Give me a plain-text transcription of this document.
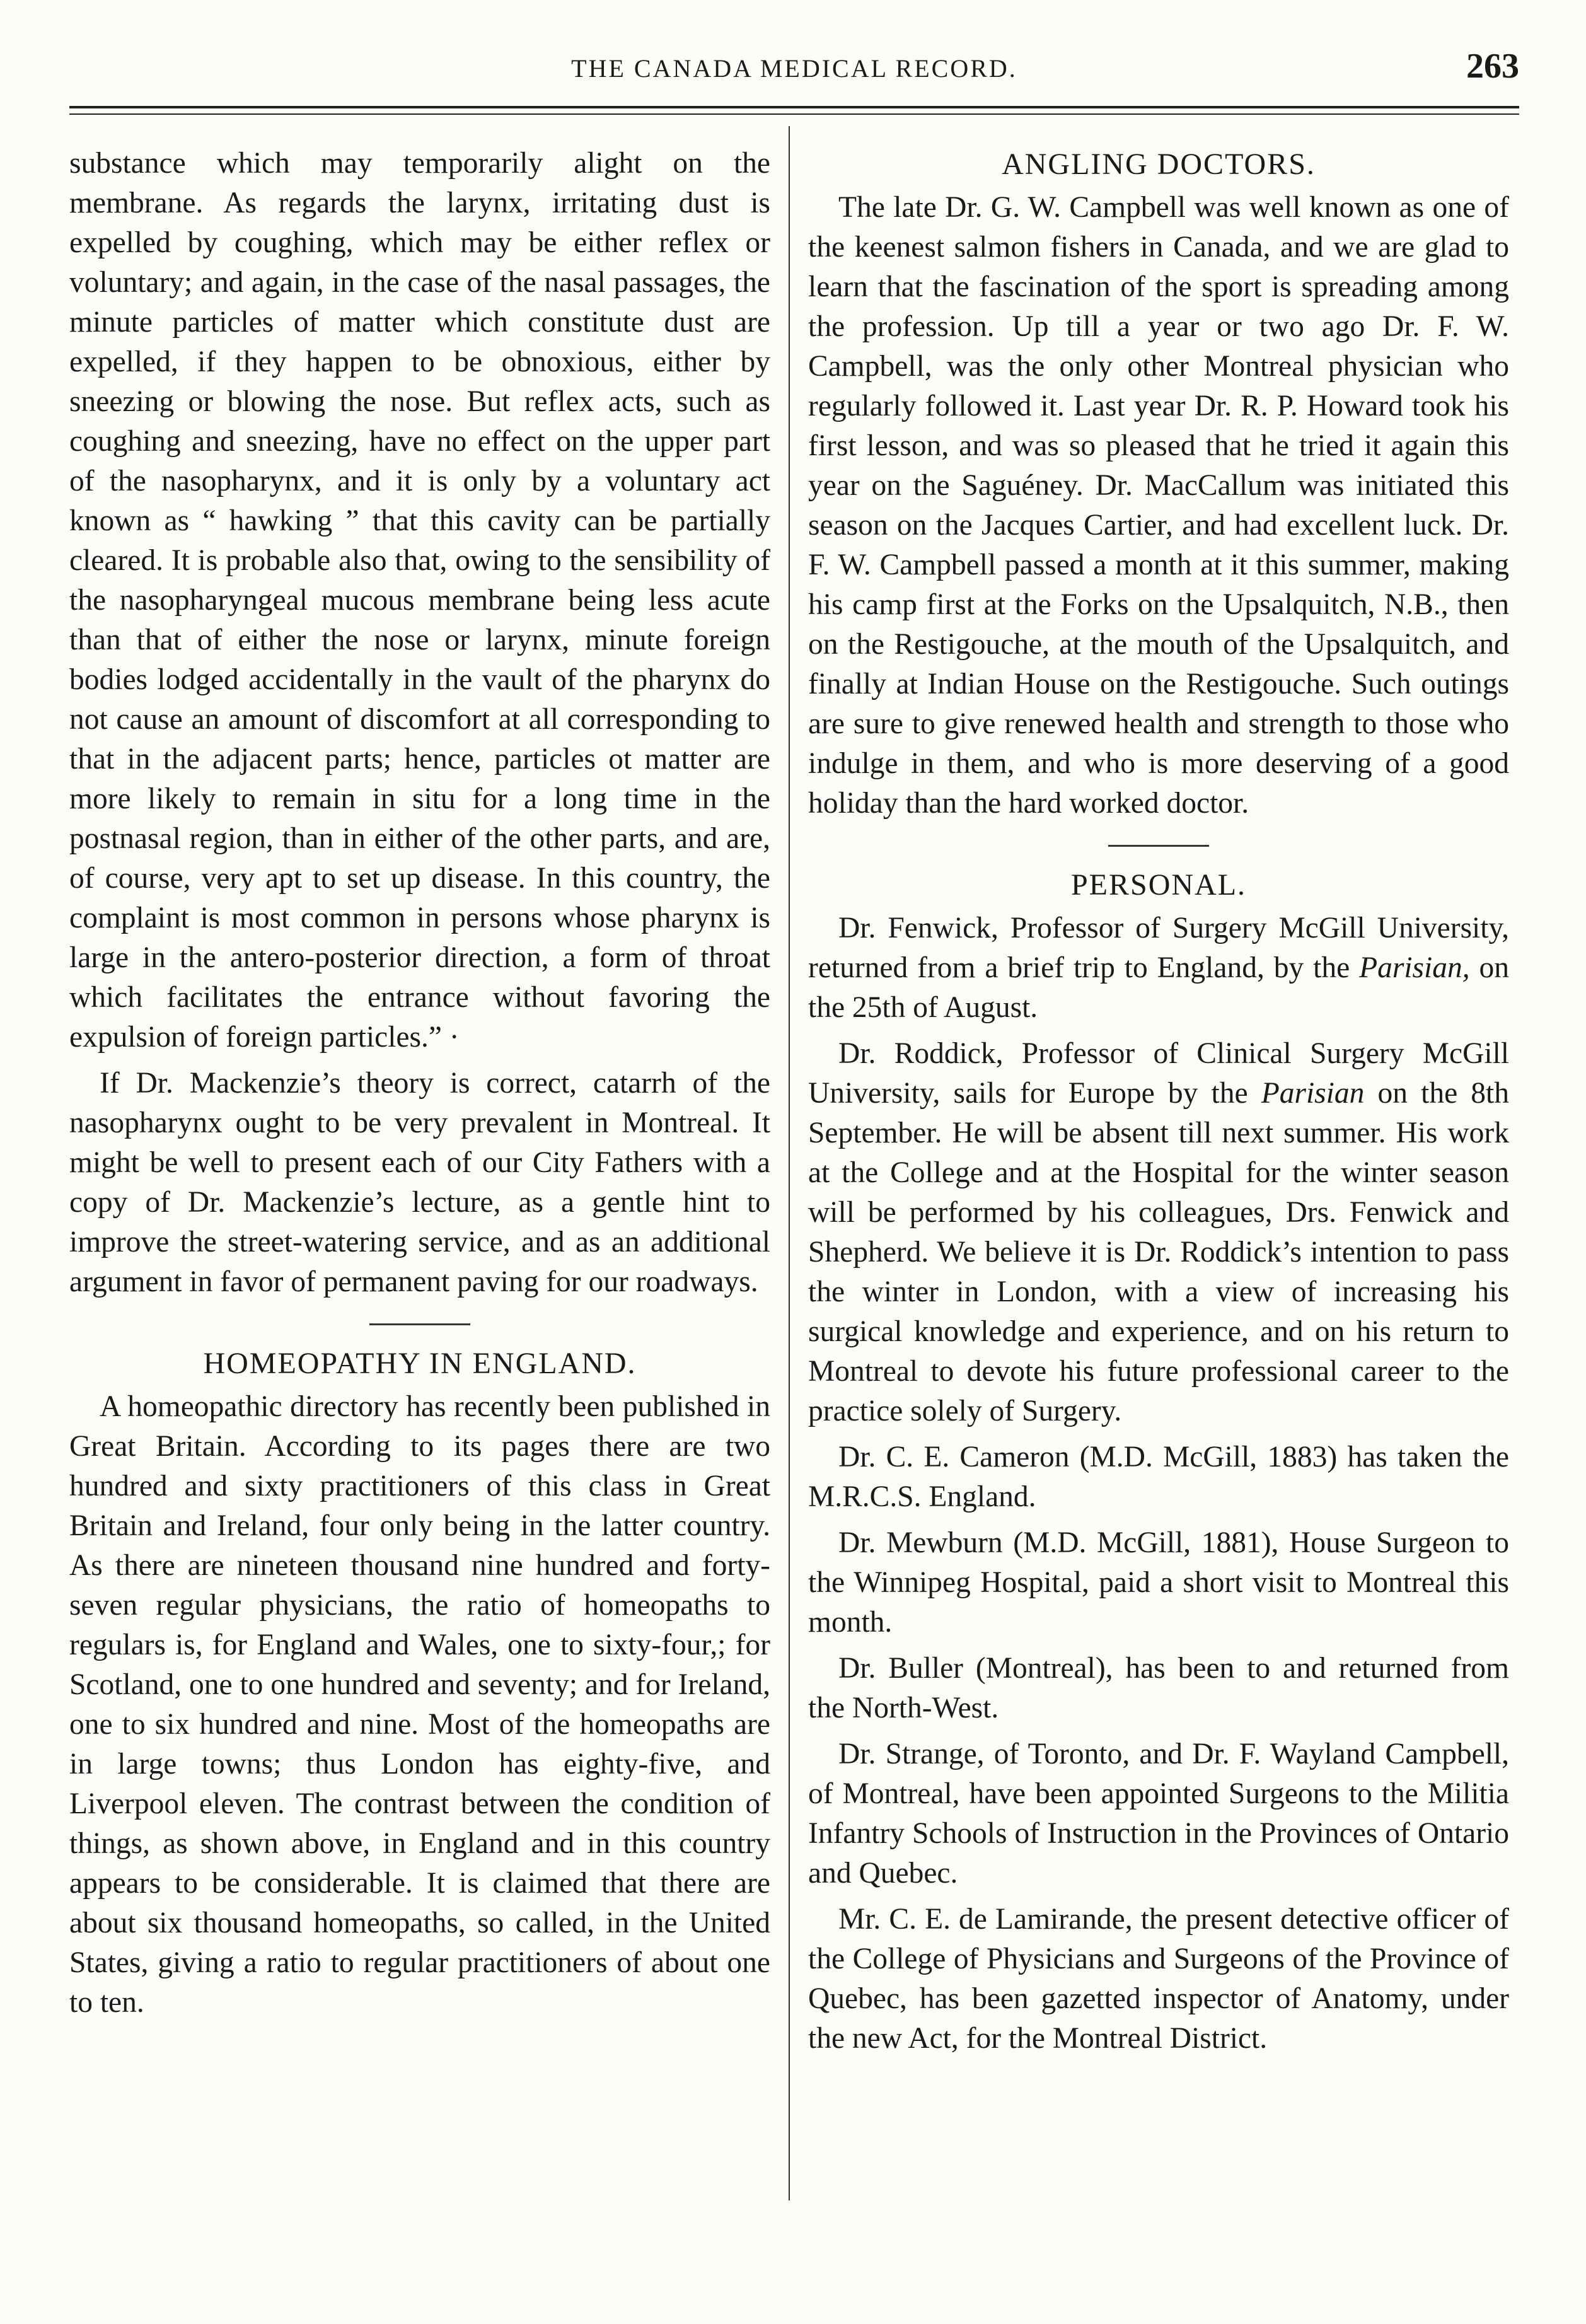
THE CANADA MEDICAL RECORD.	263

substance which may temporarily alight on the membrane. As regards the larynx, irritating dust is expelled by coughing, which may be either reflex or voluntary; and again, in the case of the nasal passages, the minute particles of matter which constitute dust are expelled, if they happen to be obnoxious, either by sneezing or blowing the nose. But reflex acts, such as coughing and sneezing, have no effect on the upper part of the nasopharynx, and it is only by a voluntary act known as “ hawking ” that this cavity can be partially cleared. It is probable also that, owing to the sensibility of the nasopharyngeal mucous membrane being less acute than that of either the nose or larynx, minute foreign bodies lodged accidentally in the vault of the pharynx do not cause an amount of discomfort at all corresponding to that in the adjacent parts; hence, particles ot matter are more likely to remain in situ for a long time in the postnasal region, than in either of the other parts, and are, of course, very apt to set up disease. In this country, the complaint is most common in persons whose pharynx is large in the antero-posterior direction, a form of throat which facilitates the entrance without favoring the expulsion of foreign particles.” ·

If Dr. Mackenzie’s theory is correct, catarrh of the nasopharynx ought to be very prevalent in Montreal. It might be well to present each of our City Fathers with a copy of Dr. Mackenzie’s lecture, as a gentle hint to improve the street-watering service, and as an additional argument in favor of permanent paving for our roadways.

HOMEOPATHY IN ENGLAND.

A homeopathic directory has recently been published in Great Britain. According to its pages there are two hundred and sixty practitioners of this class in Great Britain and Ireland, four only being in the latter country. As there are nineteen thousand nine hundred and forty-seven regular physicians, the ratio of homeopaths to regulars is, for England and Wales, one to sixty-four,; for Scotland, one to one hundred and seventy; and for Ireland, one to six hundred and nine. Most of the homeopaths are in large towns; thus London has eighty-five, and Liverpool eleven. The contrast between the condition of things, as shown above, in England and in this country appears to be considerable. It is claimed that there are about six thousand homeopaths, so called, in the United States, giving a ratio to regular practitioners of about one to ten.

ANGLING DOCTORS.

The late Dr. G. W. Campbell was well known as one of the keenest salmon fishers in Canada, and we are glad to learn that the fascination of the sport is spreading among the profession. Up till a year or two ago Dr. F. W. Campbell, was the only other Montreal physician who regularly followed it. Last year Dr. R. P. Howard took his first lesson, and was so pleased that he tried it again this year on the Saguéney. Dr. MacCallum was initiated this season on the Jacques Cartier, and had excellent luck. Dr. F. W. Campbell passed a month at it this summer, making his camp first at the Forks on the Upsalquitch, N.B., then on the Restigouche, at the mouth of the Upsalquitch, and finally at Indian House on the Restigouche. Such outings are sure to give renewed health and strength to those who indulge in them, and who is more deserving of a good holiday than the hard worked doctor.

PERSONAL.

Dr. Fenwick, Professor of Surgery McGill University, returned from a brief trip to England, by the Parisian, on the 25th of August.

Dr. Roddick, Professor of Clinical Surgery McGill University, sails for Europe by the Parisian on the 8th September. He will be absent till next summer. His work at the College and at the Hospital for the winter season will be performed by his colleagues, Drs. Fenwick and Shepherd. We believe it is Dr. Roddick’s intention to pass the winter in London, with a view of increasing his surgical knowledge and experience, and on his return to Montreal to devote his future professional career to the practice solely of Surgery.

Dr. C. E. Cameron (M.D. McGill, 1883) has taken the M.R.C.S. England.

Dr. Mewburn (M.D. McGill, 1881), House Surgeon to the Winnipeg Hospital, paid a short visit to Montreal this month.

Dr. Buller (Montreal), has been to and returned from the North-West.

Dr. Strange, of Toronto, and Dr. F. Wayland Campbell, of Montreal, have been appointed Surgeons to the Militia Infantry Schools of Instruction in the Provinces of Ontario and Quebec.

Mr. C. E. de Lamirande, the present detective officer of the College of Physicians and Surgeons of the Province of Quebec, has been gazetted inspector of Anatomy, under the new Act, for the Montreal District.
